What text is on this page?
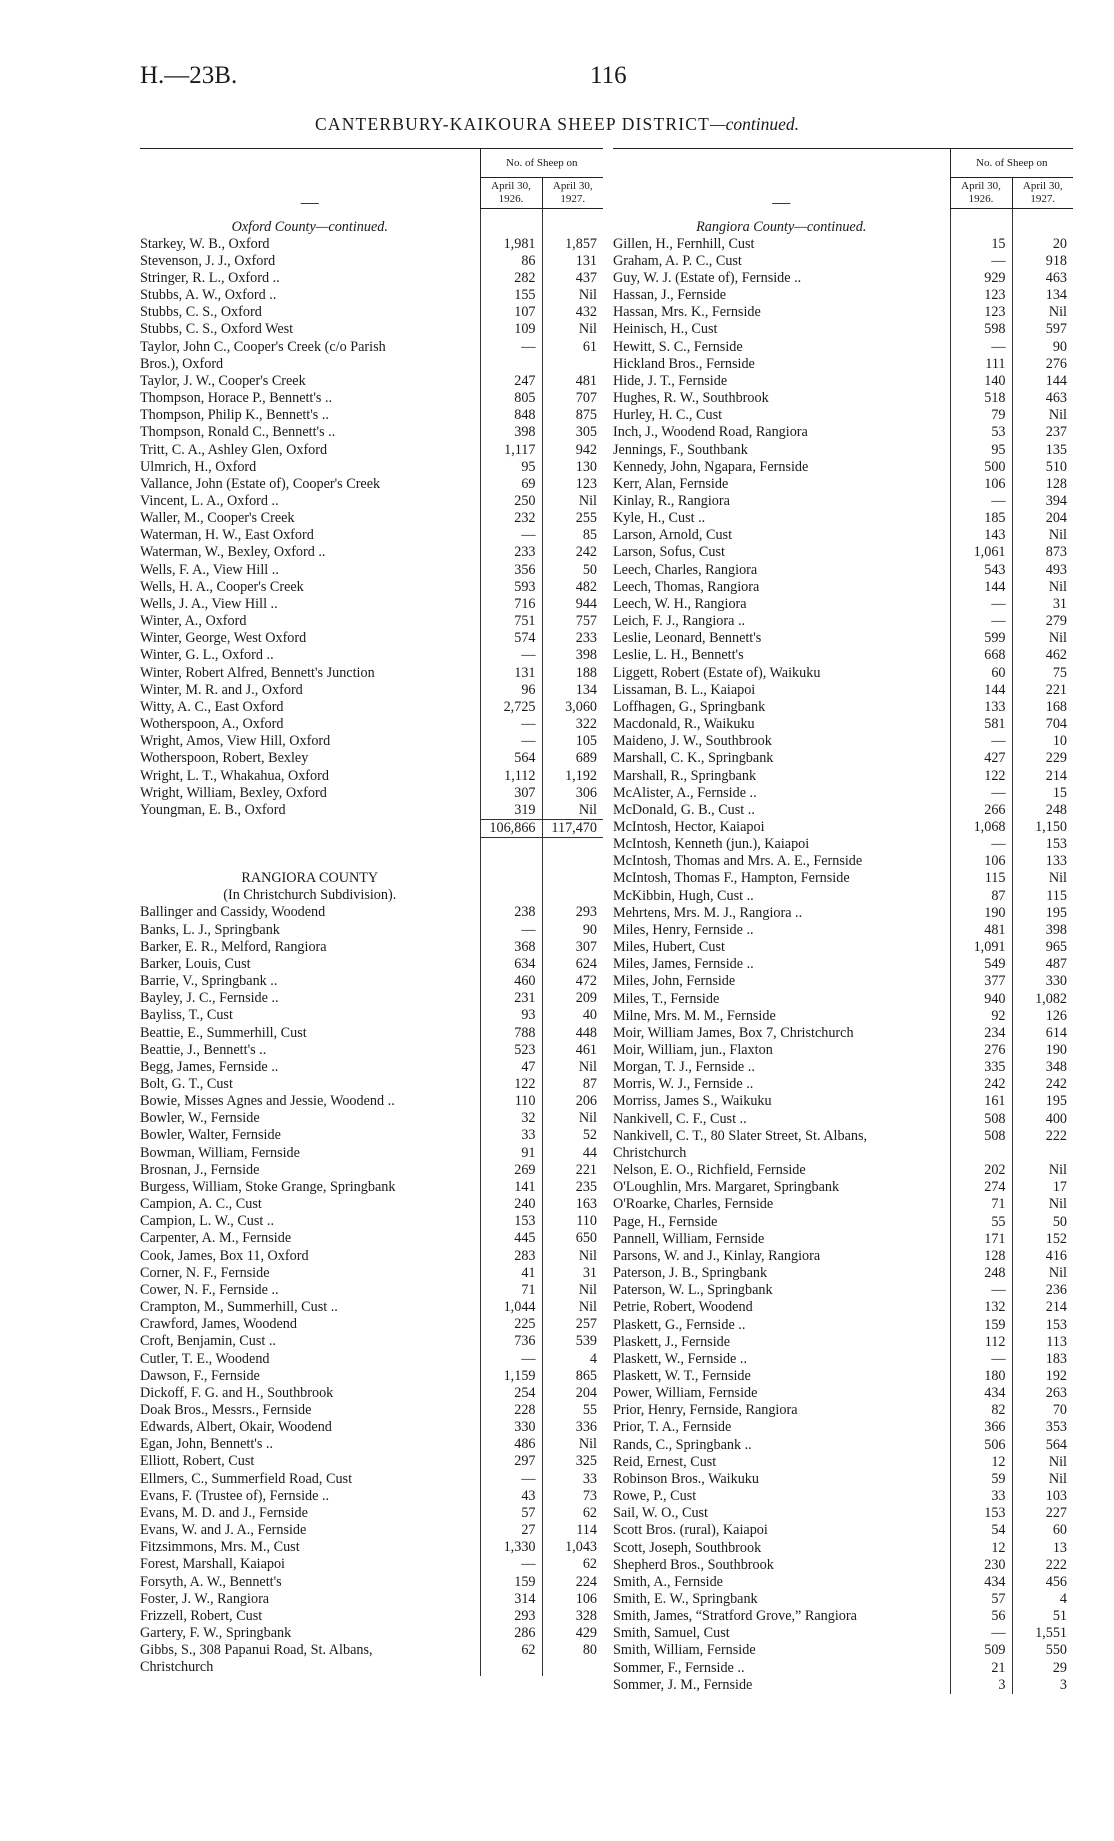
H.—23B.	116
CANTERBURY-KAIKOURA SHEEP DISTRICT—continued.
—	No. of Sheep on	
	April 30, 1926.	April 30, 1927.
Oxford County—continued.		
Starkey, W. B., Oxford	1,981	1,857
Stevenson, J. J., Oxford	86	131
Stringer, R. L., Oxford ..	282	437
Stubbs, A. W., Oxford ..	155	Nil
Stubbs, C. S., Oxford	107	432
Stubbs, C. S., Oxford West	109	Nil
Taylor, John C., Cooper's Creek (c/o Parish	—	61
Bros.), Oxford		
Taylor, J. W., Cooper's Creek	247	481
Thompson, Horace P., Bennett's ..	805	707
Thompson, Philip K., Bennett's ..	848	875
Thompson, Ronald C., Bennett's ..	398	305
Tritt, C. A., Ashley Glen, Oxford	1,117	942
Ulmrich, H., Oxford	95	130
Vallance, John (Estate of), Cooper's Creek	69	123
Vincent, L. A., Oxford ..	250	Nil
Waller, M., Cooper's Creek	232	255
Waterman, H. W., East Oxford	—	85
Waterman, W., Bexley, Oxford ..	233	242
Wells, F. A., View Hill ..	356	50
Wells, H. A., Cooper's Creek	593	482
Wells, J. A., View Hill ..	716	944
Winter, A., Oxford	751	757
Winter, George, West Oxford	574	233
Winter, G. L., Oxford ..	—	398
Winter, Robert Alfred, Bennett's Junction	131	188
Winter, M. R. and J., Oxford	96	134
Witty, A. C., East Oxford	2,725	3,060
Wotherspoon, A., Oxford	—	322
Wright, Amos, View Hill, Oxford	—	105
Wotherspoon, Robert, Bexley	564	689
Wright, L. T., Whakahua, Oxford	1,112	1,192
Wright, William, Bexley, Oxford	307	306
Youngman, E. B., Oxford	319	Nil
	106,866	117,470

RANGIORA COUNTY		
(In Christchurch Subdivision).		
Ballinger and Cassidy, Woodend	238	293
Banks, L. J., Springbank	—	90
Barker, E. R., Melford, Rangiora	368	307
Barker, Louis, Cust	634	624
Barrie, V., Springbank ..	460	472
Bayley, J. C., Fernside ..	231	209
Bayliss, T., Cust	93	40
Beattie, E., Summerhill, Cust	788	448
Beattie, J., Bennett's ..	523	461
Begg, James, Fernside ..	47	Nil
Bolt, G. T., Cust	122	87
Bowie, Misses Agnes and Jessie, Woodend ..	110	206
Bowler, W., Fernside	32	Nil
Bowler, Walter, Fernside	33	52
Bowman, William, Fernside	91	44
Brosnan, J., Fernside	269	221
Burgess, William, Stoke Grange, Springbank	141	235
Campion, A. C., Cust	240	163
Campion, L. W., Cust ..	153	110
Carpenter, A. M., Fernside	445	650
Cook, James, Box 11, Oxford	283	Nil
Corner, N. F., Fernside	41	31
Cower, N. F., Fernside ..	71	Nil
Crampton, M., Summerhill, Cust ..	1,044	Nil
Crawford, James, Woodend	225	257
Croft, Benjamin, Cust ..	736	539
Cutler, T. E., Woodend	—	4
Dawson, F., Fernside	1,159	865
Dickoff, F. G. and H., Southbrook	254	204
Doak Bros., Messrs., Fernside	228	55
Edwards, Albert, Okair, Woodend	330	336
Egan, John, Bennett's ..	486	Nil
Elliott, Robert, Cust	297	325
Ellmers, C., Summerfield Road, Cust	—	33
Evans, F. (Trustee of), Fernside ..	43	73
Evans, M. D. and J., Fernside	57	62
Evans, W. and J. A., Fernside	27	114
Fitzsimmons, Mrs. M., Cust	1,330	1,043
Forest, Marshall, Kaiapoi	—	62
Forsyth, A. W., Bennett's	159	224
Foster, J. W., Rangiora	314	106
Frizzell, Robert, Cust	293	328
Gartery, F. W., Springbank	286	429
Gibbs, S., 308 Papanui Road, St. Albans,	62	80
Christchurch		
—	No. of Sheep on	
	April 30, 1926.	April 30, 1927.
Rangiora County—continued.		
Gillen, H., Fernhill, Cust	15	20
Graham, A. P. C., Cust	—	918
Guy, W. J. (Estate of), Fernside ..	929	463
Hassan, J., Fernside	123	134
Hassan, Mrs. K., Fernside	123	Nil
Heinisch, H., Cust	598	597
Hewitt, S. C., Fernside	—	90
Hickland Bros., Fernside	111	276
Hide, J. T., Fernside	140	144
Hughes, R. W., Southbrook	518	463
Hurley, H. C., Cust	79	Nil
Inch, J., Woodend Road, Rangiora	53	237
Jennings, F., Southbank	95	135
Kennedy, John, Ngapara, Fernside	500	510
Kerr, Alan, Fernside	106	128
Kinlay, R., Rangiora	—	394
Kyle, H., Cust ..	185	204
Larson, Arnold, Cust	143	Nil
Larson, Sofus, Cust	1,061	873
Leech, Charles, Rangiora	543	493
Leech, Thomas, Rangiora	144	Nil
Leech, W. H., Rangiora	—	31
Leich, F. J., Rangiora ..	—	279
Leslie, Leonard, Bennett's	599	Nil
Leslie, L. H., Bennett's	668	462
Liggett, Robert (Estate of), Waikuku	60	75
Lissaman, B. L., Kaiapoi	144	221
Loffhagen, G., Springbank	133	168
Macdonald, R., Waikuku	581	704
Maideno, J. W., Southbrook	—	10
Marshall, C. K., Springbank	427	229
Marshall, R., Springbank	122	214
McAlister, A., Fernside ..	—	15
McDonald, G. B., Cust ..	266	248
McIntosh, Hector, Kaiapoi	1,068	1,150
McIntosh, Kenneth (jun.), Kaiapoi	—	153
McIntosh, Thomas and Mrs. A. E., Fernside	106	133
McIntosh, Thomas F., Hampton, Fernside	115	Nil
McKibbin, Hugh, Cust ..	87	115
Mehrtens, Mrs. M. J., Rangiora ..	190	195
Miles, Henry, Fernside ..	481	398
Miles, Hubert, Cust	1,091	965
Miles, James, Fernside ..	549	487
Miles, John, Fernside	377	330
Miles, T., Fernside	940	1,082
Milne, Mrs. M. M., Fernside	92	126
Moir, William James, Box 7, Christchurch	234	614
Moir, William, jun., Flaxton	276	190
Morgan, T. J., Fernside ..	335	348
Morris, W. J., Fernside ..	242	242
Morriss, James S., Waikuku	161	195
Nankivell, C. F., Cust ..	508	400
Nankivell, C. T., 80 Slater Street, St. Albans,	508	222
Christchurch		
Nelson, E. O., Richfield, Fernside	202	Nil
O'Loughlin, Mrs. Margaret, Springbank	274	17
O'Roarke, Charles, Fernside	71	Nil
Page, H., Fernside	55	50
Pannell, William, Fernside	171	152
Parsons, W. and J., Kinlay, Rangiora	128	416
Paterson, J. B., Springbank	248	Nil
Paterson, W. L., Springbank	—	236
Petrie, Robert, Woodend	132	214
Plaskett, G., Fernside ..	159	153
Plaskett, J., Fernside	112	113
Plaskett, W., Fernside ..	—	183
Plaskett, W. T., Fernside	180	192
Power, William, Fernside	434	263
Prior, Henry, Fernside, Rangiora	82	70
Prior, T. A., Fernside	366	353
Rands, C., Springbank ..	506	564
Reid, Ernest, Cust	12	Nil
Robinson Bros., Waikuku	59	Nil
Rowe, P., Cust	33	103
Sail, W. O., Cust	153	227
Scott Bros. (rural), Kaiapoi	54	60
Scott, Joseph, Southbrook	12	13
Shepherd Bros., Southbrook	230	222
Smith, A., Fernside	434	456
Smith, E. W., Springbank	57	4
Smith, James, “Stratford Grove,” Rangiora	56	51
Smith, Samuel, Cust	—	1,551
Smith, William, Fernside	509	550
Sommer, F., Fernside ..	21	29
Sommer, J. M., Fernside	3	3
